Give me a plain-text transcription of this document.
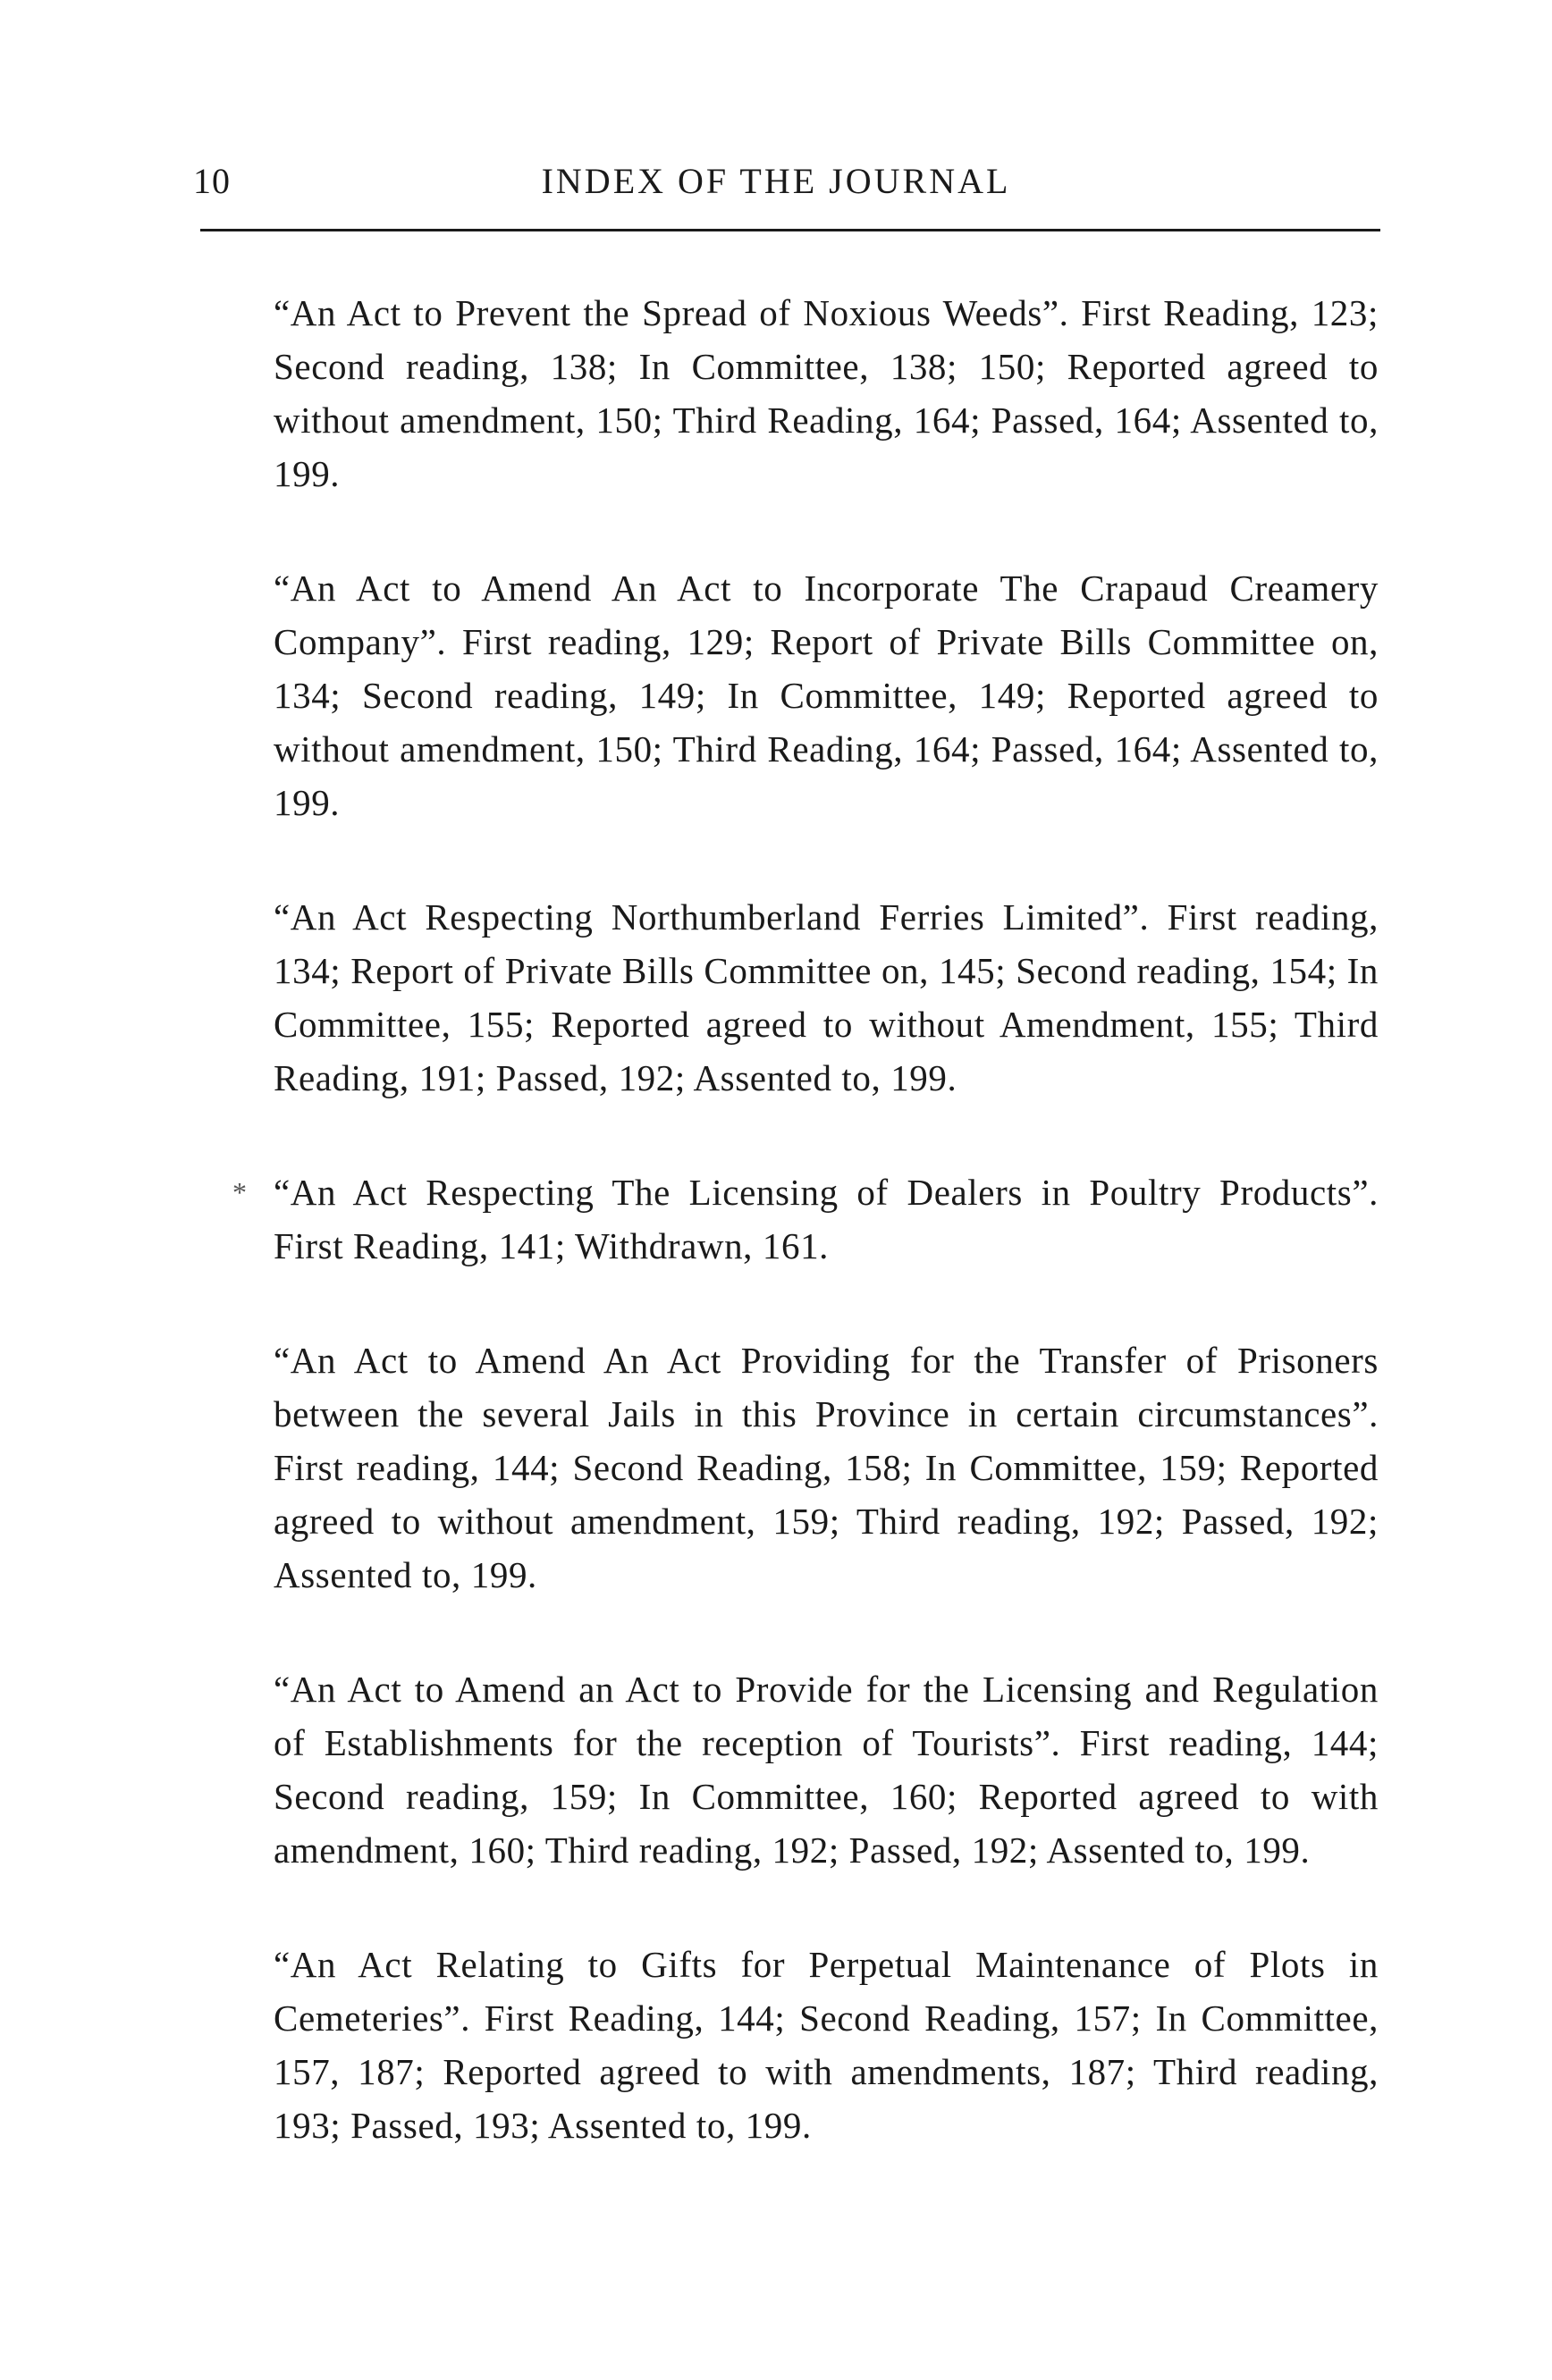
10	INDEX OF THE JOURNAL
“An Act to Prevent the Spread of Noxious Weeds”. First Reading, 123; Second reading, 138; In Committee, 138; 150; Reported agreed to without amendment, 150; Third Reading, 164; Passed, 164; Assented to, 199.
“An Act to Amend An Act to Incorporate The Crapaud Creamery Company”. First reading, 129; Report of Private Bills Committee on, 134; Second reading, 149; In Committee, 149; Reported agreed to without amendment, 150; Third Reading, 164; Passed, 164; Assented to, 199.
“An Act Respecting Northumberland Ferries Limited”. First reading, 134; Report of Private Bills Committee on, 145; Second reading, 154; In Committee, 155; Reported agreed to without Amendment, 155; Third Reading, 191; Passed, 192; Assented to, 199.
* “An Act Respecting The Licensing of Dealers in Poultry Products”. First Reading, 141; Withdrawn, 161.
“An Act to Amend An Act Providing for the Transfer of Prisoners between the several Jails in this Province in certain circumstances”. First reading, 144; Second Reading, 158; In Committee, 159; Reported agreed to without amendment, 159; Third reading, 192; Passed, 192; Assented to, 199.
“An Act to Amend an Act to Provide for the Licensing and Regulation of Establishments for the reception of Tourists”. First reading, 144; Second reading, 159; In Committee, 160; Reported agreed to with amendment, 160; Third reading, 192; Passed, 192; Assented to, 199.
“An Act Relating to Gifts for Perpetual Maintenance of Plots in Cemeteries”. First Reading, 144; Second Reading, 157; In Committee, 157, 187; Reported agreed to with amendments, 187; Third reading, 193; Passed, 193; Assented to, 199.
